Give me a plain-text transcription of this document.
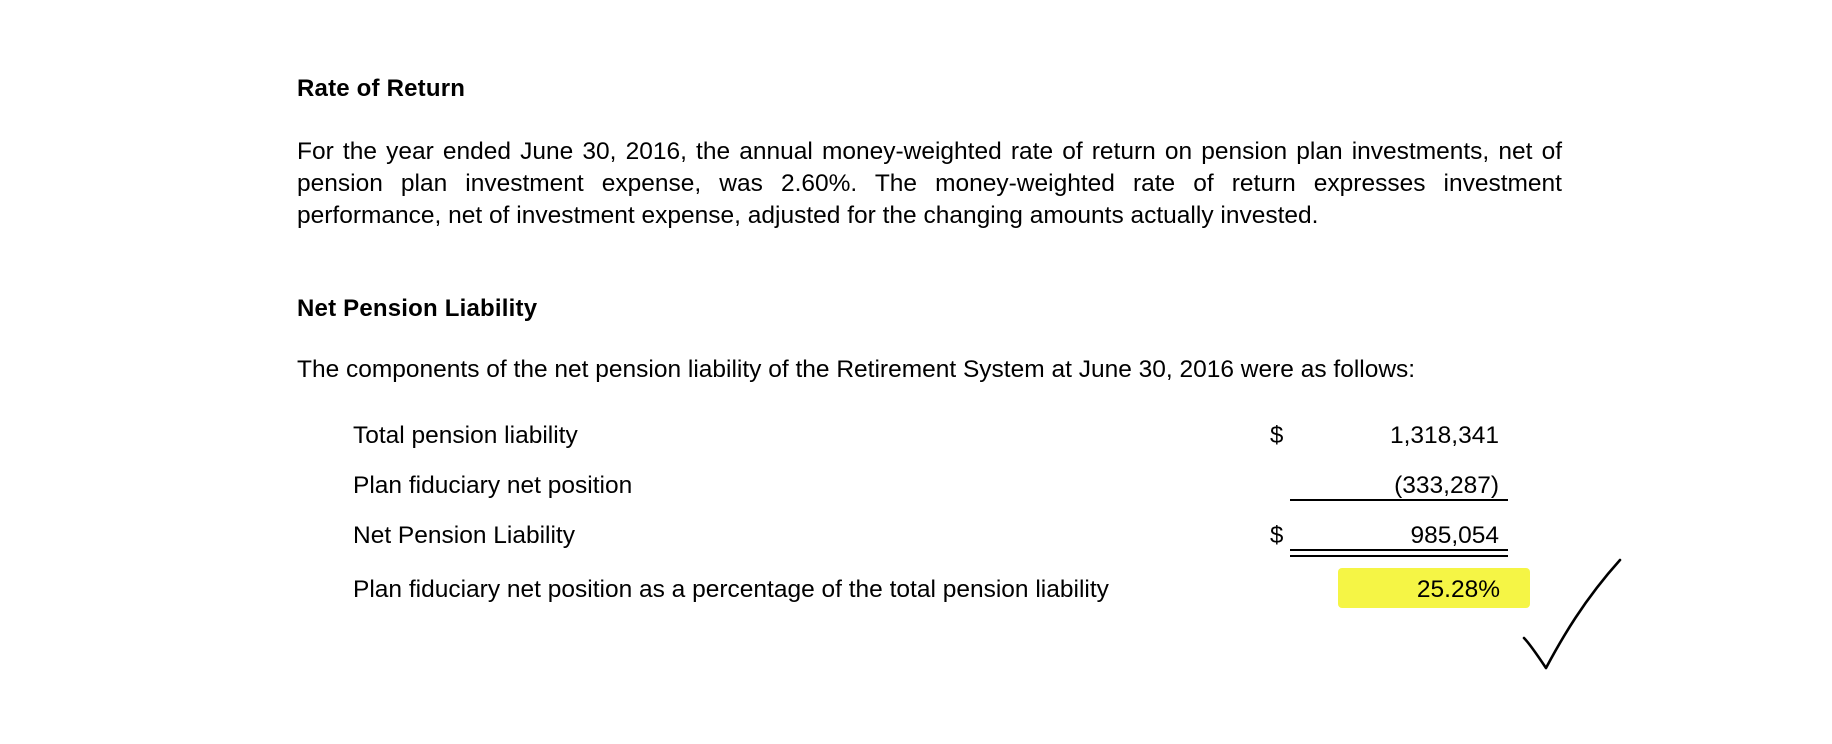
Rate of Return
For the year ended June 30, 2016, the annual money-weighted rate of return on pension plan investments, net of pension plan investment expense, was 2.60%. The money-weighted rate of return expresses investment performance, net of investment expense, adjusted for the changing amounts actually invested.
Net Pension Liability
The components of the net pension liability of the Retirement System at June 30, 2016 were as follows:
Total pension liability	$	1,318,341
Plan fiduciary net position	(333,287)
Net Pension Liability	$	985,054
Plan fiduciary net position as a percentage of the total pension liability	25.28%
